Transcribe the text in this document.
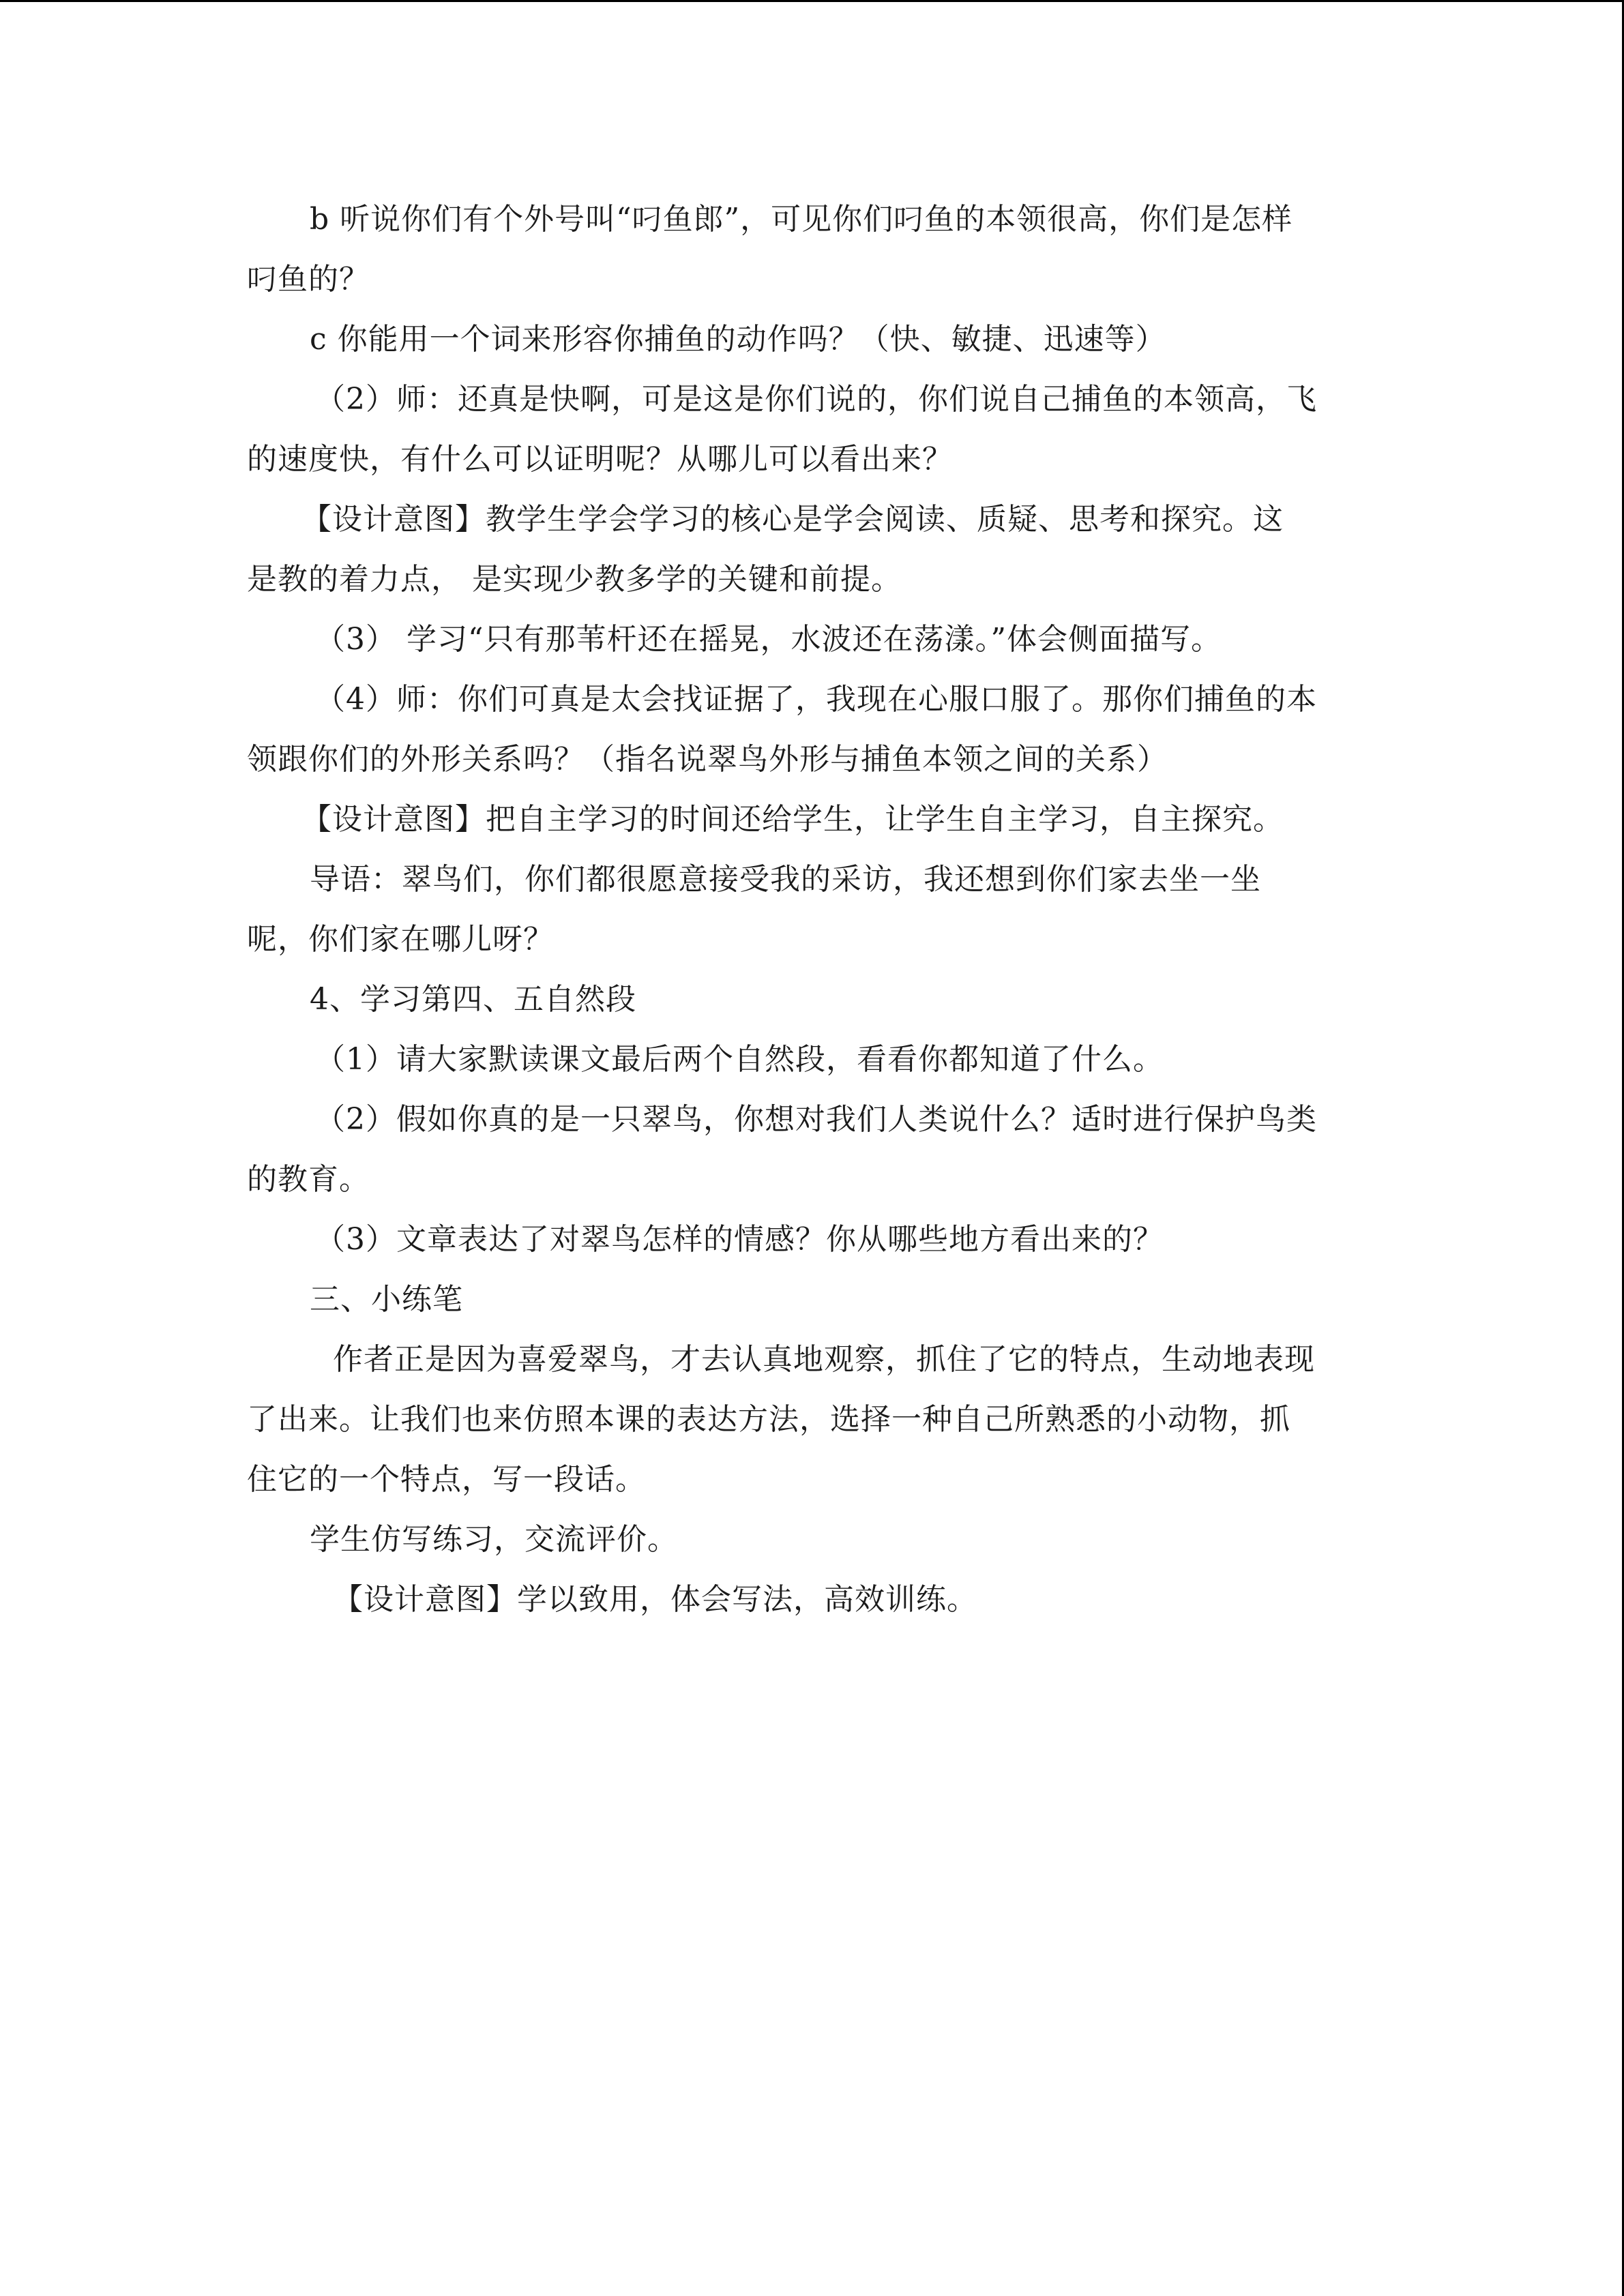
b 听说你们有个外号叫“叼鱼郎”，可见你们叼鱼的本领很高，你们是怎样
叼鱼的？
c 你能用一个词来形容你捕鱼的动作吗？（快、敏捷、迅速等）
（2）师：还真是快啊，可是这是你们说的，你们说自己捕鱼的本领高，飞
的速度快，有什么可以证明呢？从哪儿可以看出来？
【设计意图】教学生学会学习的核心是学会阅读、质疑、思考和探究。这
是教的着力点， 是实现少教多学的关键和前提。
（3） 学习“只有那苇杆还在摇晃，水波还在荡漾。”体会侧面描写。
（4）师：你们可真是太会找证据了，我现在心服口服了。那你们捕鱼的本
领跟你们的外形关系吗？（指名说翠鸟外形与捕鱼本领之间的关系）
【设计意图】把自主学习的时间还给学生，让学生自主学习，自主探究。
导语：翠鸟们，你们都很愿意接受我的采访，我还想到你们家去坐一坐
呢，你们家在哪儿呀？
4、学习第四、五自然段
（1）请大家默读课文最后两个自然段，看看你都知道了什么。
（2）假如你真的是一只翠鸟，你想对我们人类说什么？适时进行保护鸟类
的教育。
（3）文章表达了对翠鸟怎样的情感？你从哪些地方看出来的？
三、小练笔
作者正是因为喜爱翠鸟，才去认真地观察，抓住了它的特点，生动地表现
了出来。让我们也来仿照本课的表达方法，选择一种自己所熟悉的小动物，抓
住它的一个特点，写一段话。
学生仿写练习，交流评价。
【设计意图】学以致用，体会写法，高效训练。
